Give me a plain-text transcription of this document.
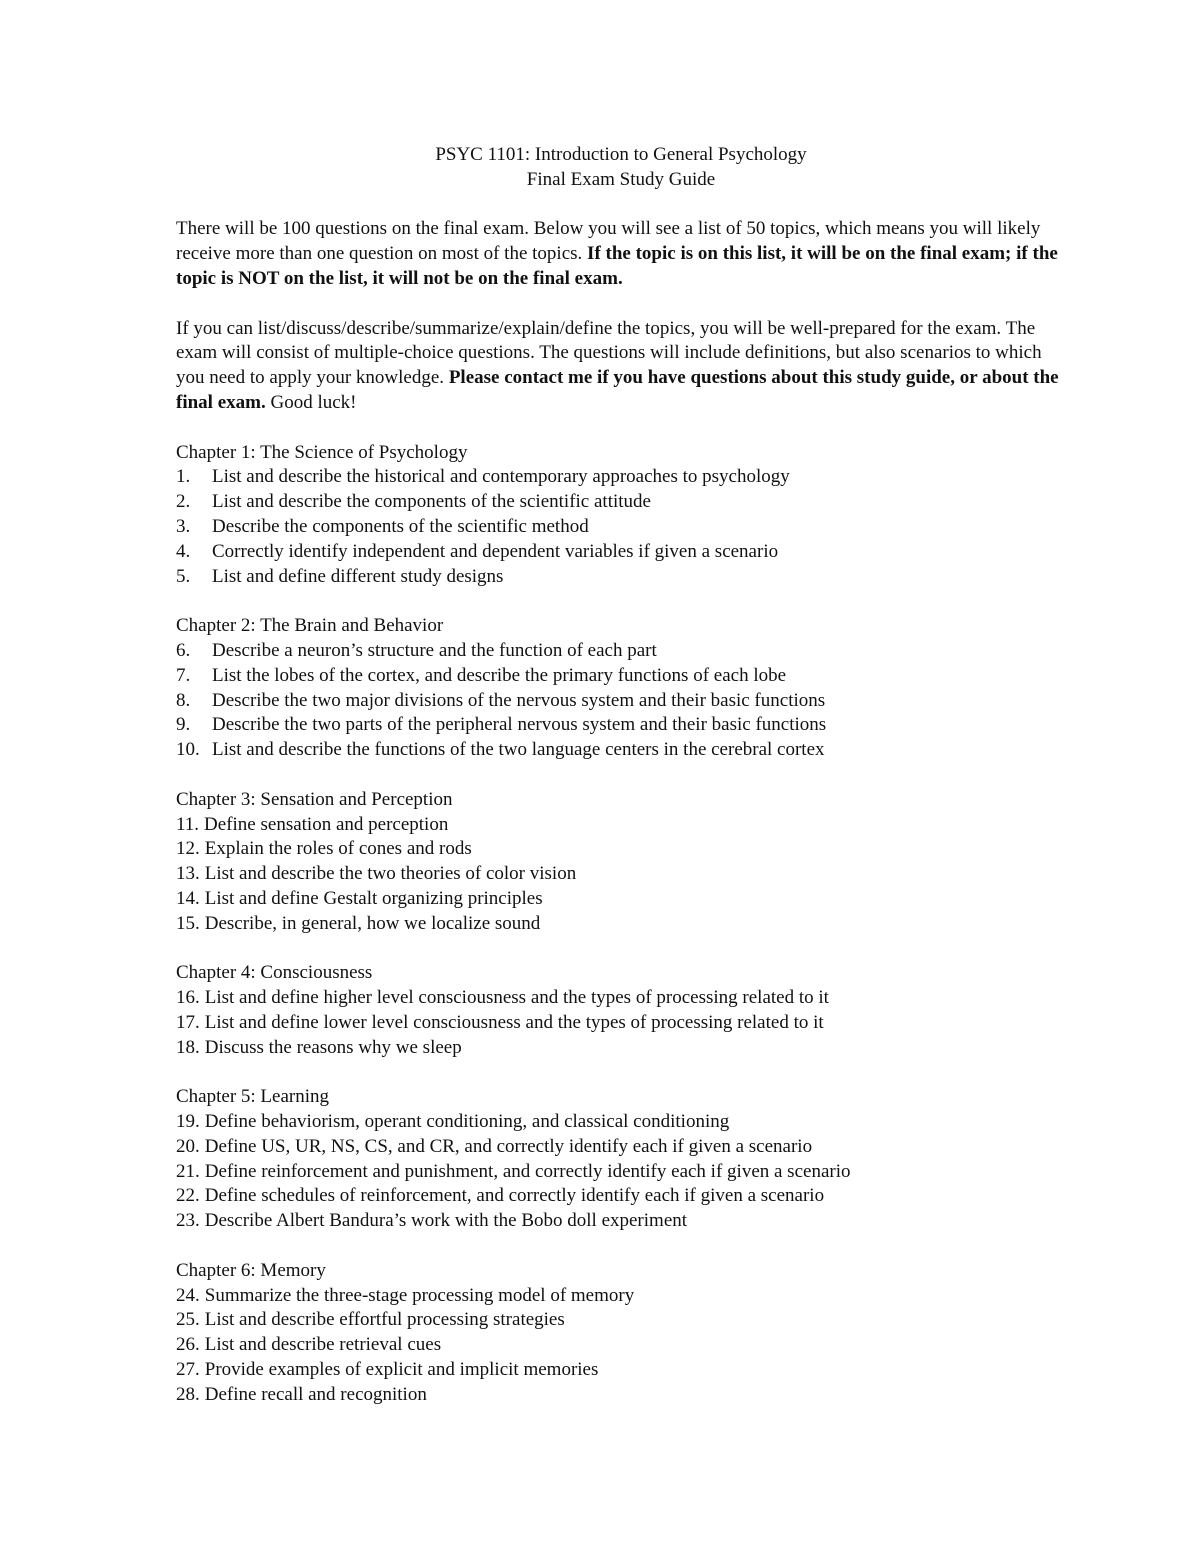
PSYC 1101: Introduction to General Psychology

Final Exam Study Guide

There will be 100 questions on the final exam. Below you will see a list of 50 topics, which means you will likely receive more than one question on most of the topics. If the topic is on this list, it will be on the final exam; if the topic is NOT on the list, it will not be on the final exam.

If you can list/discuss/describe/summarize/explain/define the topics, you will be well-prepared for the exam. The exam will consist of multiple-choice questions. The questions will include definitions, but also scenarios to which you need to apply your knowledge. Please contact me if you have questions about this study guide, or about the final exam. Good luck!

Chapter 1: The Science of Psychology

1.	List and describe the historical and contemporary approaches to psychology
2.	List and describe the components of the scientific attitude
3.	Describe the components of the scientific method
4.	Correctly identify independent and dependent variables if given a scenario
5.	List and define different study designs

Chapter 2: The Brain and Behavior

6.	Describe a neuron’s structure and the function of each part
7.	List the lobes of the cortex, and describe the primary functions of each lobe
8.	Describe the two major divisions of the nervous system and their basic functions
9.	Describe the two parts of the peripheral nervous system and their basic functions
10. List and describe the functions of the two language centers in the cerebral cortex

Chapter 3: Sensation and Perception

11. Define sensation and perception
12. Explain the roles of cones and rods
13. List and describe the two theories of color vision
14. List and define Gestalt organizing principles
15. Describe, in general, how we localize sound

Chapter 4: Consciousness

16. List and define higher level consciousness and the types of processing related to it
17. List and define lower level consciousness and the types of processing related to it
18. Discuss the reasons why we sleep

Chapter 5: Learning

19. Define behaviorism, operant conditioning, and classical conditioning
20. Define US, UR, NS, CS, and CR, and correctly identify each if given a scenario
21. Define reinforcement and punishment, and correctly identify each if given a scenario
22. Define schedules of reinforcement, and correctly identify each if given a scenario
23. Describe Albert Bandura’s work with the Bobo doll experiment

Chapter 6: Memory

24. Summarize the three-stage processing model of memory
25. List and describe effortful processing strategies
26. List and describe retrieval cues
27. Provide examples of explicit and implicit memories
28. Define recall and recognition
